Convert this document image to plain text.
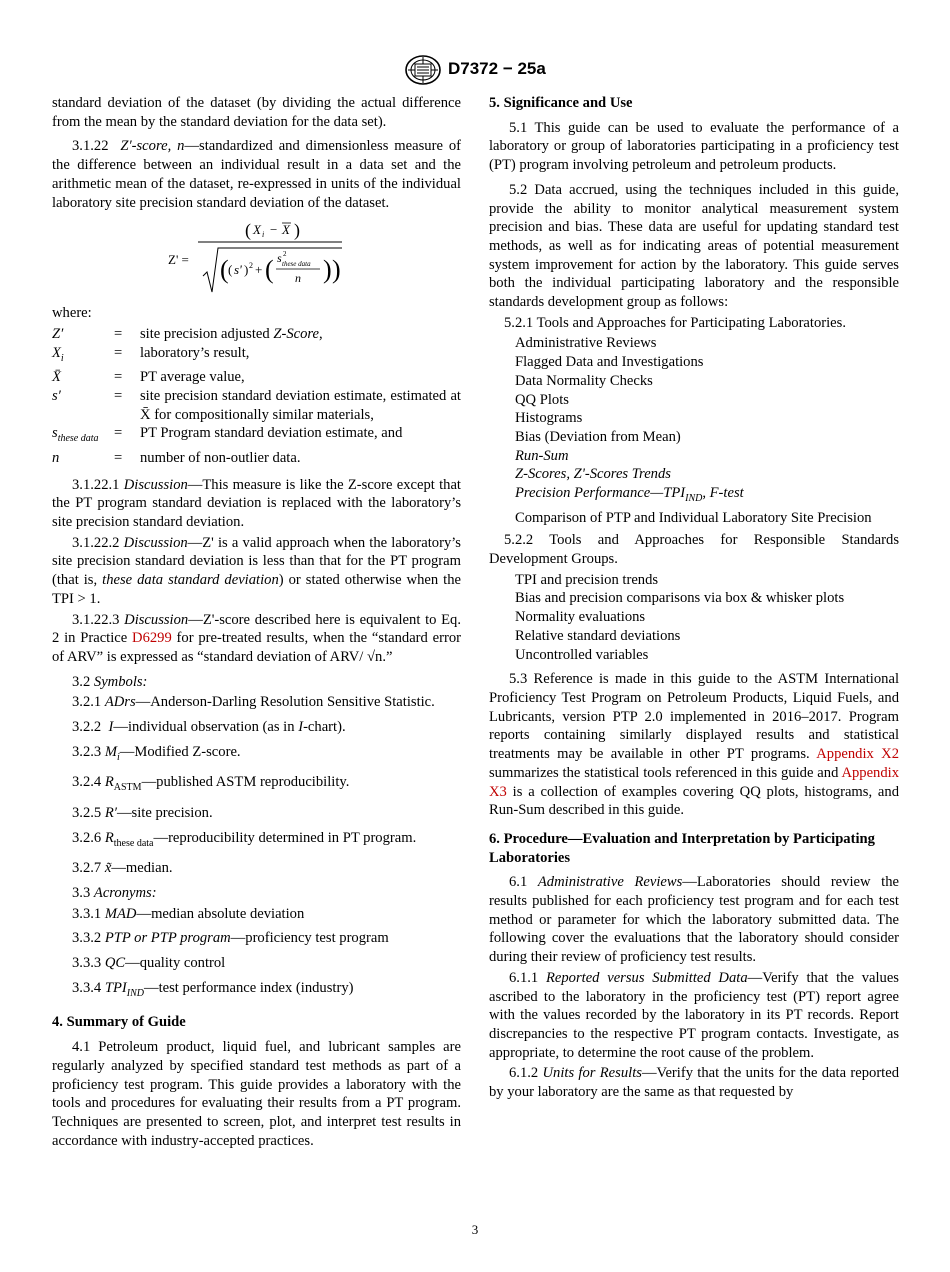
D7372 − 25a

standard deviation of the dataset (by dividing the actual difference from the mean by the standard deviation for the data set).

3.1.22 Z′-score, n—standardized and dimensionless measure of the difference between an individual result in a data set and the arithmetic mean of the dataset, re-expressed in units of the individual laboratory site precision standard deviation of the dataset.

Z' =
( X i − X )
( ( s' ) 2 + ( s 2
these data
n ) )

where:

Z′	=	site precision adjusted Z-Score,
$X_i$	=	laboratory’s result,
X̄	=	PT average value,
s′	=	site precision standard deviation estimate, estimated at X̄ for compositionally similar materials,
$s_{these data}$	=	PT Program standard deviation estimate, and
n	=	number of non-outlier data.

3.1.22.1 Discussion—This measure is like the Z-score except that the PT program standard deviation is replaced with the laboratory’s site precision standard deviation.

3.1.22.2 Discussion—Z' is a valid approach when the laboratory’s site precision standard deviation is less than that for the PT program (that is, these data standard deviation) or stated otherwise when the TPI > 1.

3.1.22.3 Discussion—Z'-score described here is equivalent to Eq. 2 in Practice D6299 for pre-treated results, when the “standard error of ARV” is expressed as “standard deviation of ARV/ √n.”

3.2 Symbols:

3.2.1 ADrs—Anderson-Darling Resolution Sensitive Statistic.

3.2.2 I—individual observation (as in I-chart).

3.2.3 $M_i—Modified$ Z-score.

3.2.4 $R_{ASTM}—published$ ASTM reproducibility.

3.2.5 R′—site precision.

3.2.6 $R_{these data}—reproducibility$ determined in PT program.

3.2.7 x̃—median.

3.3 Acronyms:

3.3.1 MAD—median absolute deviation

3.3.2 PTP or PTP program—proficiency test program

3.3.3 QC—quality control

3.3.4 $TPI_{IND}—test$ performance index (industry)

4. Summary of Guide

4.1 Petroleum product, liquid fuel, and lubricant samples are regularly analyzed by specified standard test methods as part of a proficiency test program. This guide provides a laboratory with the tools and procedures for evaluating their results from a PT program. Techniques are presented to screen, plot, and interpret test results in accordance with industry-accepted practices.

5. Significance and Use

5.1 This guide can be used to evaluate the performance of a laboratory or group of laboratories participating in a proficiency test (PT) program involving petroleum and petroleum products.

5.2 Data accrued, using the techniques included in this guide, provide the ability to monitor analytical measurement system precision and bias. These data are useful for updating standard test methods, as well as for indicating areas of potential measurement system improvement for action by the laboratory. This guide serves both the individual participating laboratory and the responsible standards development group as follows:

5.2.1 Tools and Approaches for Participating Laboratories.

Administrative Reviews
Flagged Data and Investigations
Data Normality Checks
QQ Plots
Histograms
Bias (Deviation from Mean)
Run-Sum
Z-Scores, Z'-Scores Trends
Precision $Performance—TPI_{IND}$, F-test
Comparison of PTP and Individual Laboratory Site Precision

5.2.2 Tools and Approaches for Responsible Standards Development Groups.

TPI and precision trends
Bias and precision comparisons via box & whisker plots
Normality evaluations
Relative standard deviations
Uncontrolled variables

5.3 Reference is made in this guide to the ASTM International Proficiency Test Program on Petroleum Products, Liquid Fuels, and Lubricants, version PTP 2.0 implemented in 2016–2017. Program reports containing similarly displayed results and statistical treatments may be available in other PT programs. Appendix X2 summarizes the statistical tools referenced in this guide and Appendix X3 is a collection of examples covering QQ plots, histograms, and Run-Sum described in this guide.

6. Procedure—Evaluation and Interpretation by Participating Laboratories

6.1 Administrative Reviews—Laboratories should review the results published for each proficiency test program and for each test method or parameter for which the laboratory submitted data. The following cover the evaluations that the laboratory should consider during their review of proficiency test results.

6.1.1 Reported versus Submitted Data—Verify that the values ascribed to the laboratory in the proficiency test (PT) report agree with the values recorded by the laboratory in its PT records. Report discrepancies to the respective PT program contacts. Investigate, as appropriate, to determine the root cause of the problem.

6.1.2 Units for Results—Verify that the units for the data reported by your laboratory are the same as that requested by

3
